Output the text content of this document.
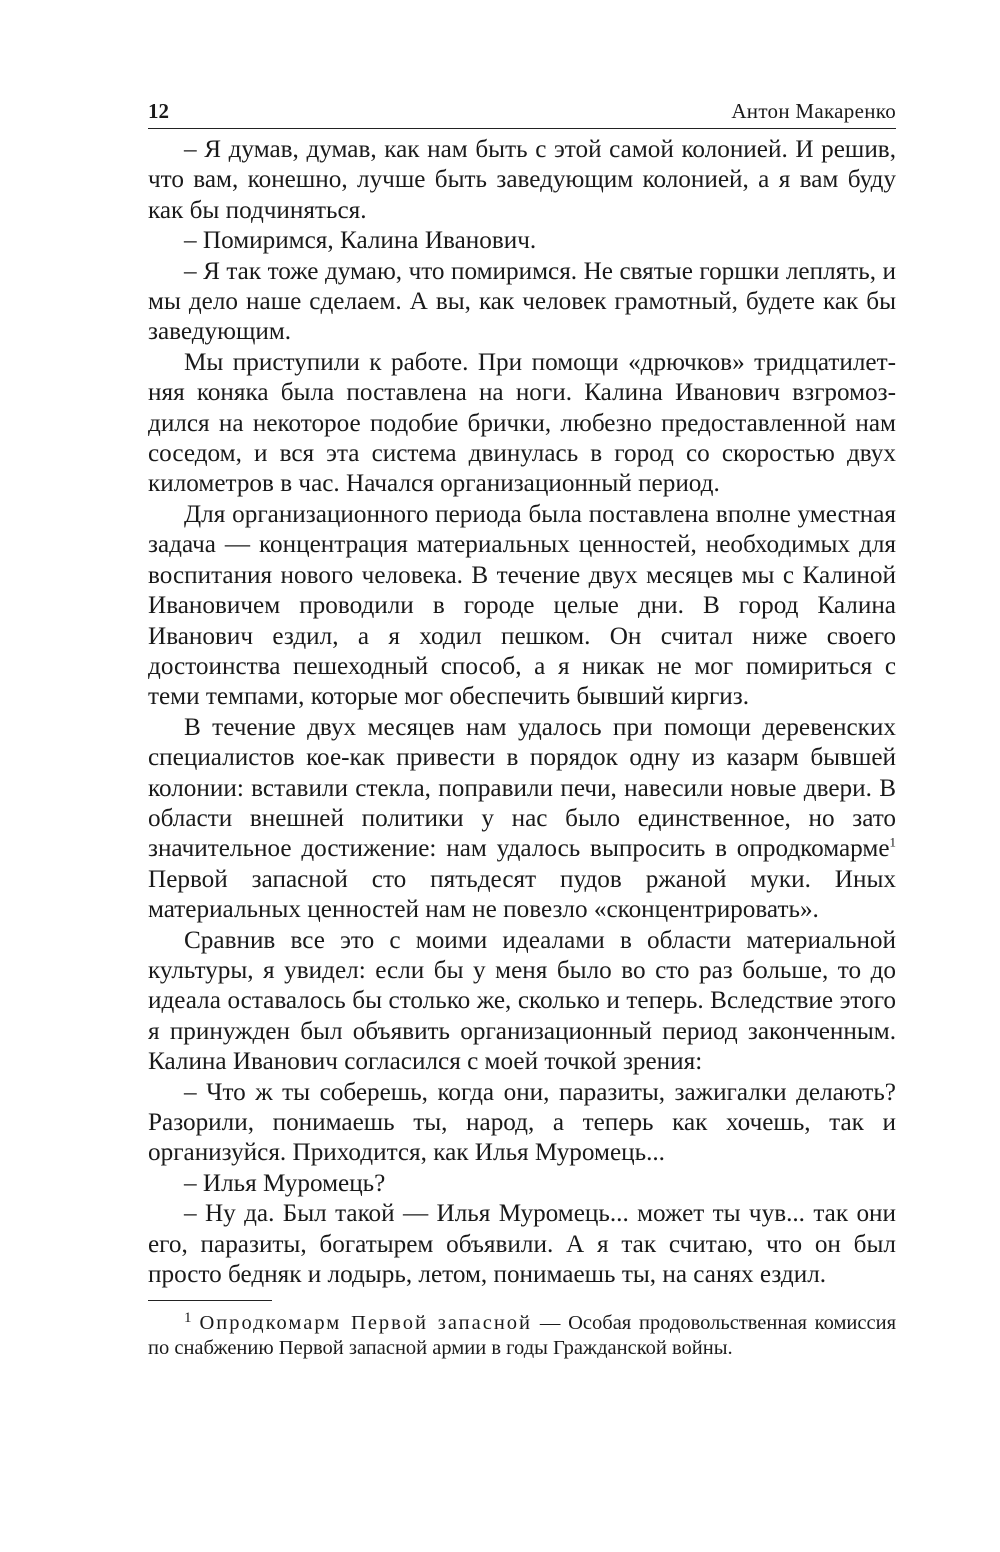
12	Антон Макаренко

– Я думав, думав, как нам быть с этой самой колонией. И решив, что вам, конешно, лучше быть заведующим колонией, а я вам буду как бы подчиняться.

– Помиримся, Калина Иванович.

– Я так тоже думаю, что помиримся. Не святые горшки леплять, и мы дело наше сделаем. А вы, как человек грамотный, будете как бы заведующим.

Мы приступили к работе. При помощи «дрючков» тридцатилетняя коняка была поставлена на ноги. Калина Иванович взгромоздился на некоторое подобие брички, любезно предоставленной нам соседом, и вся эта система двинулась в город со скоростью двух километров в час. Начался организационный период.

Для организационного периода была поставлена вполне уместная задача — концентрация материальных ценностей, необходимых для воспитания нового человека. В течение двух месяцев мы с Калиной Ивановичем проводили в городе целые дни. В город Калина Иванович ездил, а я ходил пешком. Он считал ниже своего достоинства пешеходный способ, а я никак не мог помириться с теми темпами, которые мог обеспечить бывший киргиз.

В течение двух месяцев нам удалось при помощи деревенских специалистов кое-как привести в порядок одну из казарм бывшей колонии: вставили стекла, поправили печи, навесили новые двери. В области внешней политики у нас было единственное, но зато значительное достижение: нам удалось выпросить в опродкомарме$^1$ Первой запасной сто пятьдесят пудов ржаной муки. Иных материальных ценностей нам не повезло «сконцентрировать».

Сравнив все это с моими идеалами в области материальной культуры, я увидел: если бы у меня было во сто раз больше, то до идеала оставалось бы столько же, сколько и теперь. Вследствие этого я принужден был объявить организационный период законченным. Калина Иванович согласился с моей точкой зрения:

– Что ж ты соберешь, когда они, паразиты, зажигалки делають? Разорили, понимаешь ты, народ, а теперь как хочешь, так и организуйся. Приходится, как Илья Муромець...

– Илья Муромець?

– Ну да. Был такой — Илья Муромець... может ты чув... так они его, паразиты, богатырем объявили. А я так считаю, что он был просто бедняк и лодырь, летом, понимаешь ты, на санях ездил.

$^1$ Опродкомарм Первой запасной — Особая продовольственная комиссия по снабжению Первой запасной армии в годы Гражданской войны.
